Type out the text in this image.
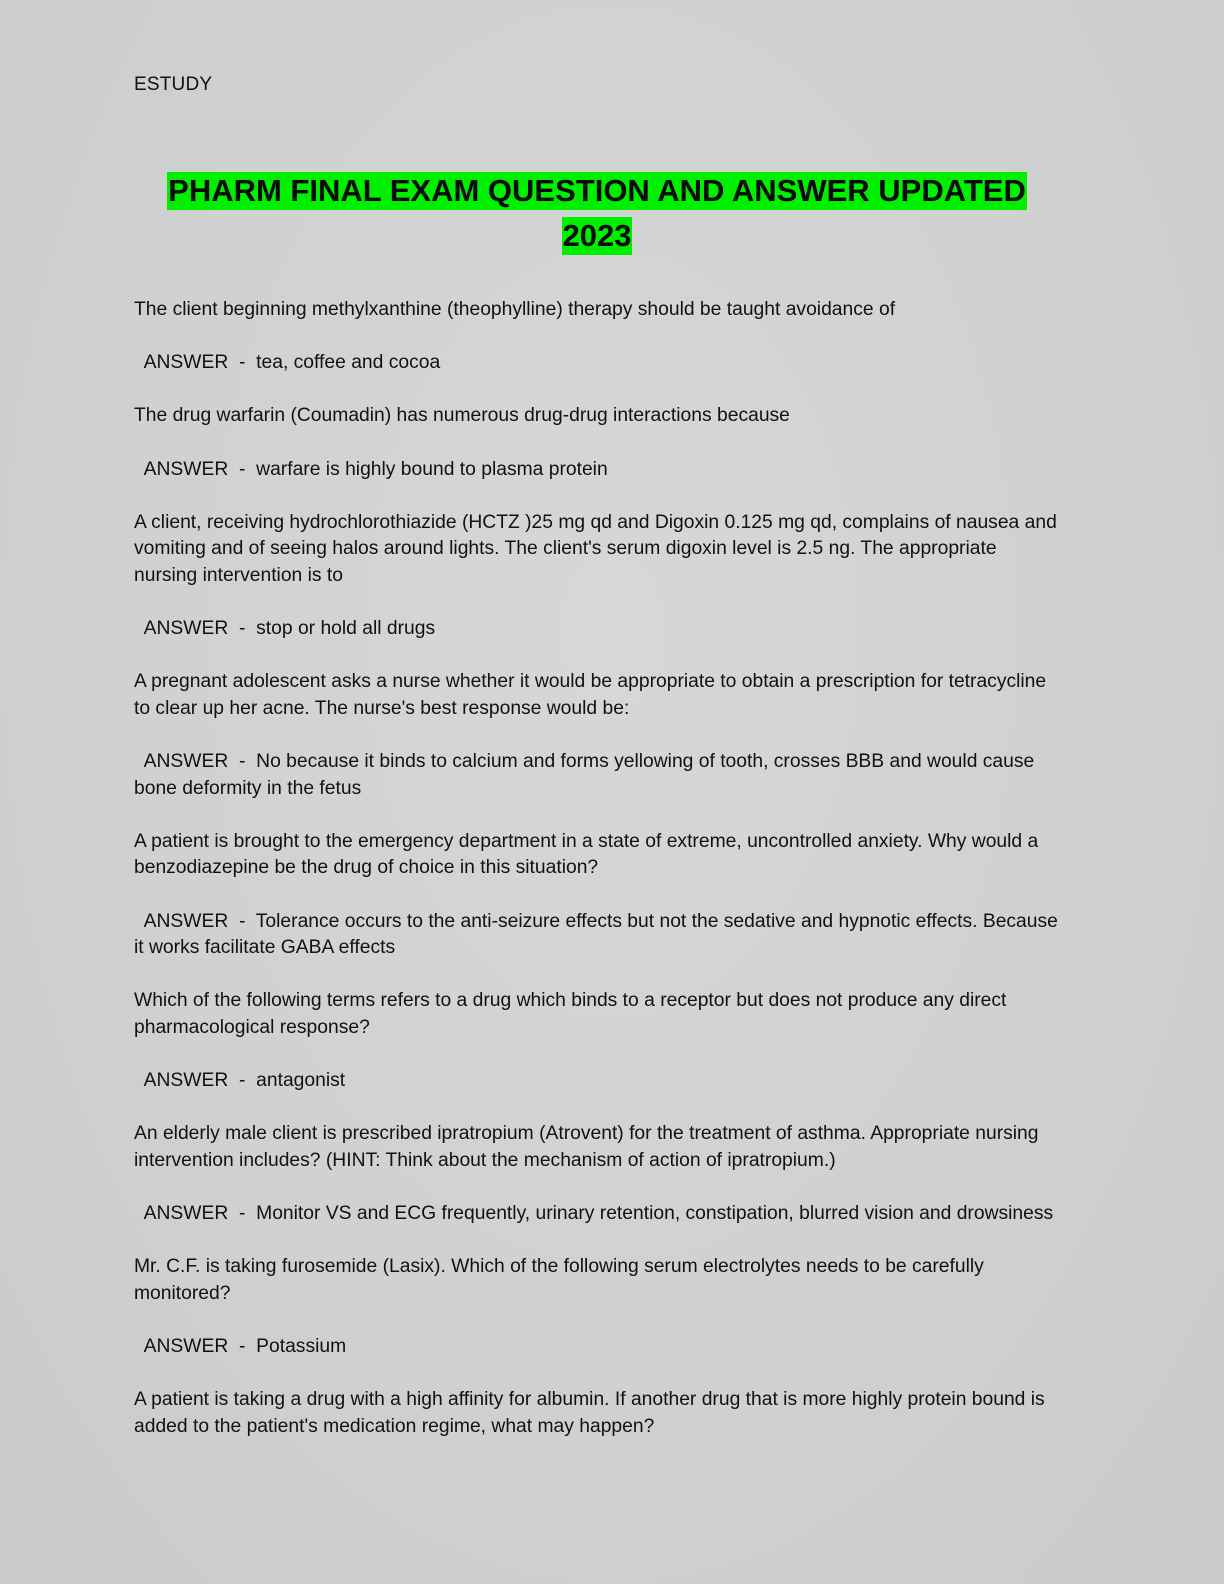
ESTUDY
PHARM FINAL EXAM QUESTION AND ANSWER UPDATED 2023

The client beginning methylxanthine (theophylline) therapy should be taught avoidance of

ANSWER  -  tea, coffee and cocoa

The drug warfarin (Coumadin) has numerous drug-drug interactions because

ANSWER  -  warfare is highly bound to plasma protein

A client, receiving hydrochlorothiazide (HCTZ )25 mg qd and Digoxin 0.125 mg qd, complains of nausea and vomiting and of seeing halos around lights. The client's serum digoxin level is 2.5 ng. The appropriate nursing intervention is to

ANSWER  -  stop or hold all drugs

A pregnant adolescent asks a nurse whether it would be appropriate to obtain a prescription for tetracycline to clear up her acne. The nurse's best response would be:

ANSWER  -  No because it binds to calcium and forms yellowing of tooth, crosses BBB and would cause bone deformity in the fetus

A patient is brought to the emergency department in a state of extreme, uncontrolled anxiety. Why would a benzodiazepine be the drug of choice in this situation?

ANSWER  -  Tolerance occurs to the anti-seizure effects but not the sedative and hypnotic effects. Because it works facilitate GABA effects

Which of the following terms refers to a drug which binds to a receptor but does not produce any direct pharmacological response?

ANSWER  -  antagonist

An elderly male client is prescribed ipratropium (Atrovent) for the treatment of asthma. Appropriate nursing intervention includes? (HINT: Think about the mechanism of action of ipratropium.)

ANSWER  -  Monitor VS and ECG frequently, urinary retention, constipation, blurred vision and drowsiness

Mr. C.F. is taking furosemide (Lasix). Which of the following serum electrolytes needs to be carefully monitored?

ANSWER  -  Potassium

A patient is taking a drug with a high affinity for albumin. If another drug that is more highly protein bound is added to the patient's medication regime, what may happen?
